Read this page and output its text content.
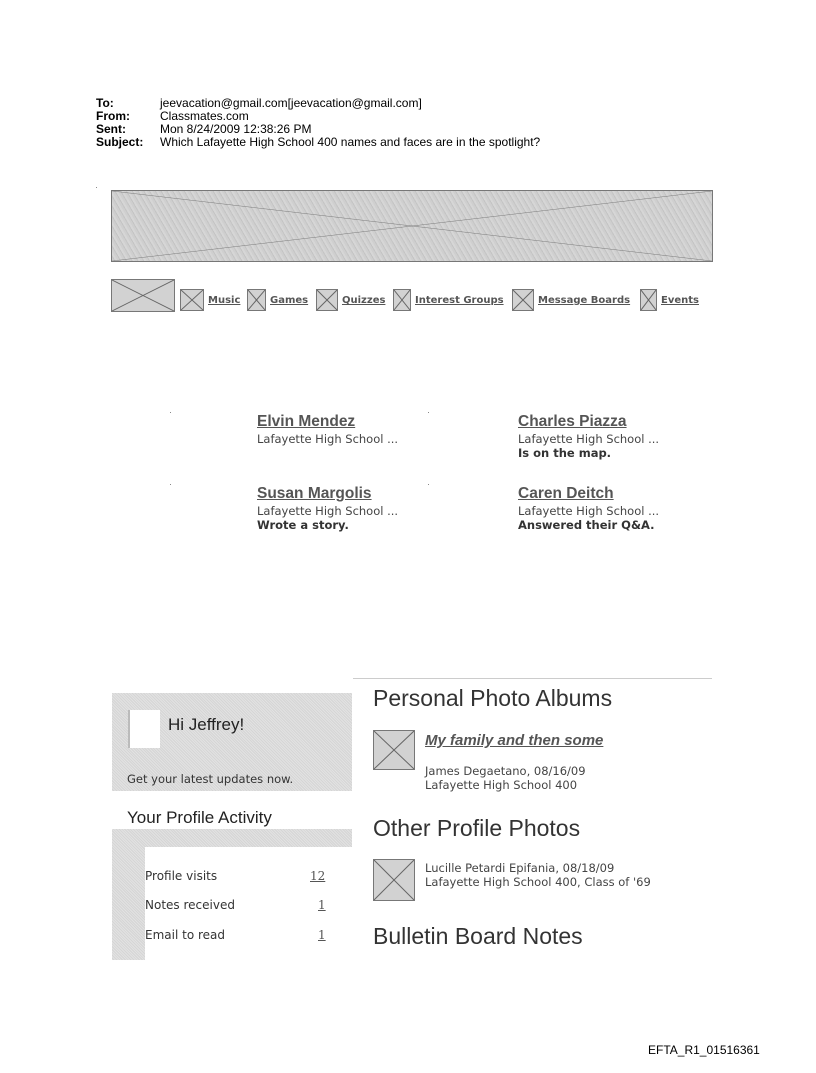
To:	jeevacation@gmail.com[jeevacation@gmail.com]
From:	Classmates.com
Sent:	Mon 8/24/2009 12:38:26 PM
Subject: Which Lafayette High School 400 names and faces are in the spotlight?
Music	Games	Quizzes	Interest Groups	Message Boards	Events
Elvin Mendez
Lafayette High School ...
Charles Piazza
Lafayette High School ...
Is on the map.
Susan Margolis
Lafayette High School ...
Wrote a story.
Caren Deitch
Lafayette High School ...
Answered their Q&A.
Hi Jeffrey!
Get your latest updates now.
Your Profile Activity
Profile visits	12
Notes received	1
Email to read	1
Personal Photo Albums
My family and then some
James Degaetano, 08/16/09
Lafayette High School 400
Other Profile Photos
Lucille Petardi Epifania, 08/18/09
Lafayette High School 400, Class of '69
Bulletin Board Notes
EFTA_R1_01516361
